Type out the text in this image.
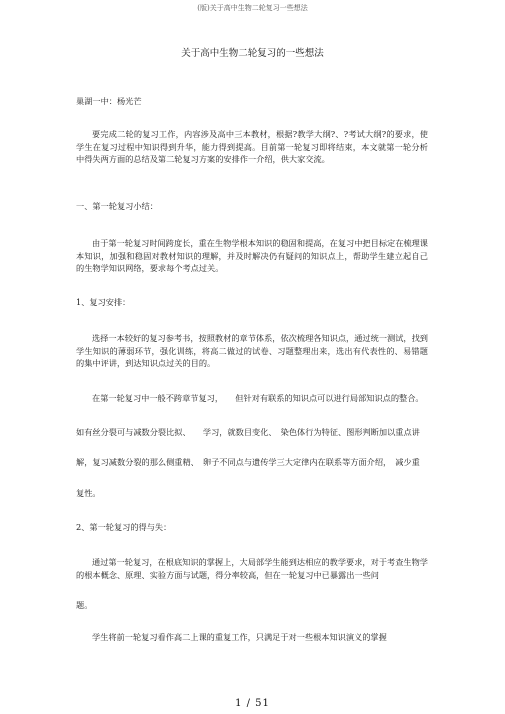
(版)关于高中生物二轮复习一些想法
关于高中生物二轮复习的一些想法

巢湖一中：杨光芒

要完成二轮的复习工作，内容涉及高中三本教材，根据?教学大纲?、?考试大纲?的要求，使学生在复习过程中知识得到升华，能力得到提高。目前第一轮复习即将结束，本文就第一轮分析中得失两方面的总结及第二轮复习方案的安排作一介绍，供大家交流。

一、第一轮复习小结：

由于第一轮复习时间跨度长，重在生物学根本知识的稳固和提高，在复习中把目标定在梳理课本知识，加强和稳固对教材知识的理解，并及时解决仍有疑问的知识点上，帮助学生建立起自己的生物学知识网络，要求每个考点过关。

1、复习安排：

选择一本较好的复习参考书，按照教材的章节体系，依次梳理各知识点，通过统一测试，找到学生知识的薄弱环节，强化训练，将高二做过的试卷、习题整理出来，选出有代表性的、易错题的集中评讲，到达知识点过关的目的。

在第一轮复习中一般不跨章节复习，　　但针对有联系的知识点可以进行局部知识点的整合。

如有丝分裂可与减数分裂比拟、　　学习，就数目变化、　染色体行为特征、图形判断加以重点讲

解，复习减数分裂的那么侧重精、　卵子不同点与遗传学三大定律内在联系等方面介绍，　减少重

复性。

2、第一轮复习的得与失：

通过第一轮复习，在根底知识的掌握上，大局部学生能到达相应的教学要求，对于考查生物学的根本概念、原理、实验方面与试题，得分率较高，但在一轮复习中已暴露出一些问

题。

学生将前一轮复习看作高二上课的重复工作，只满足于对一些根本知识演义的掌握

1 / 51
